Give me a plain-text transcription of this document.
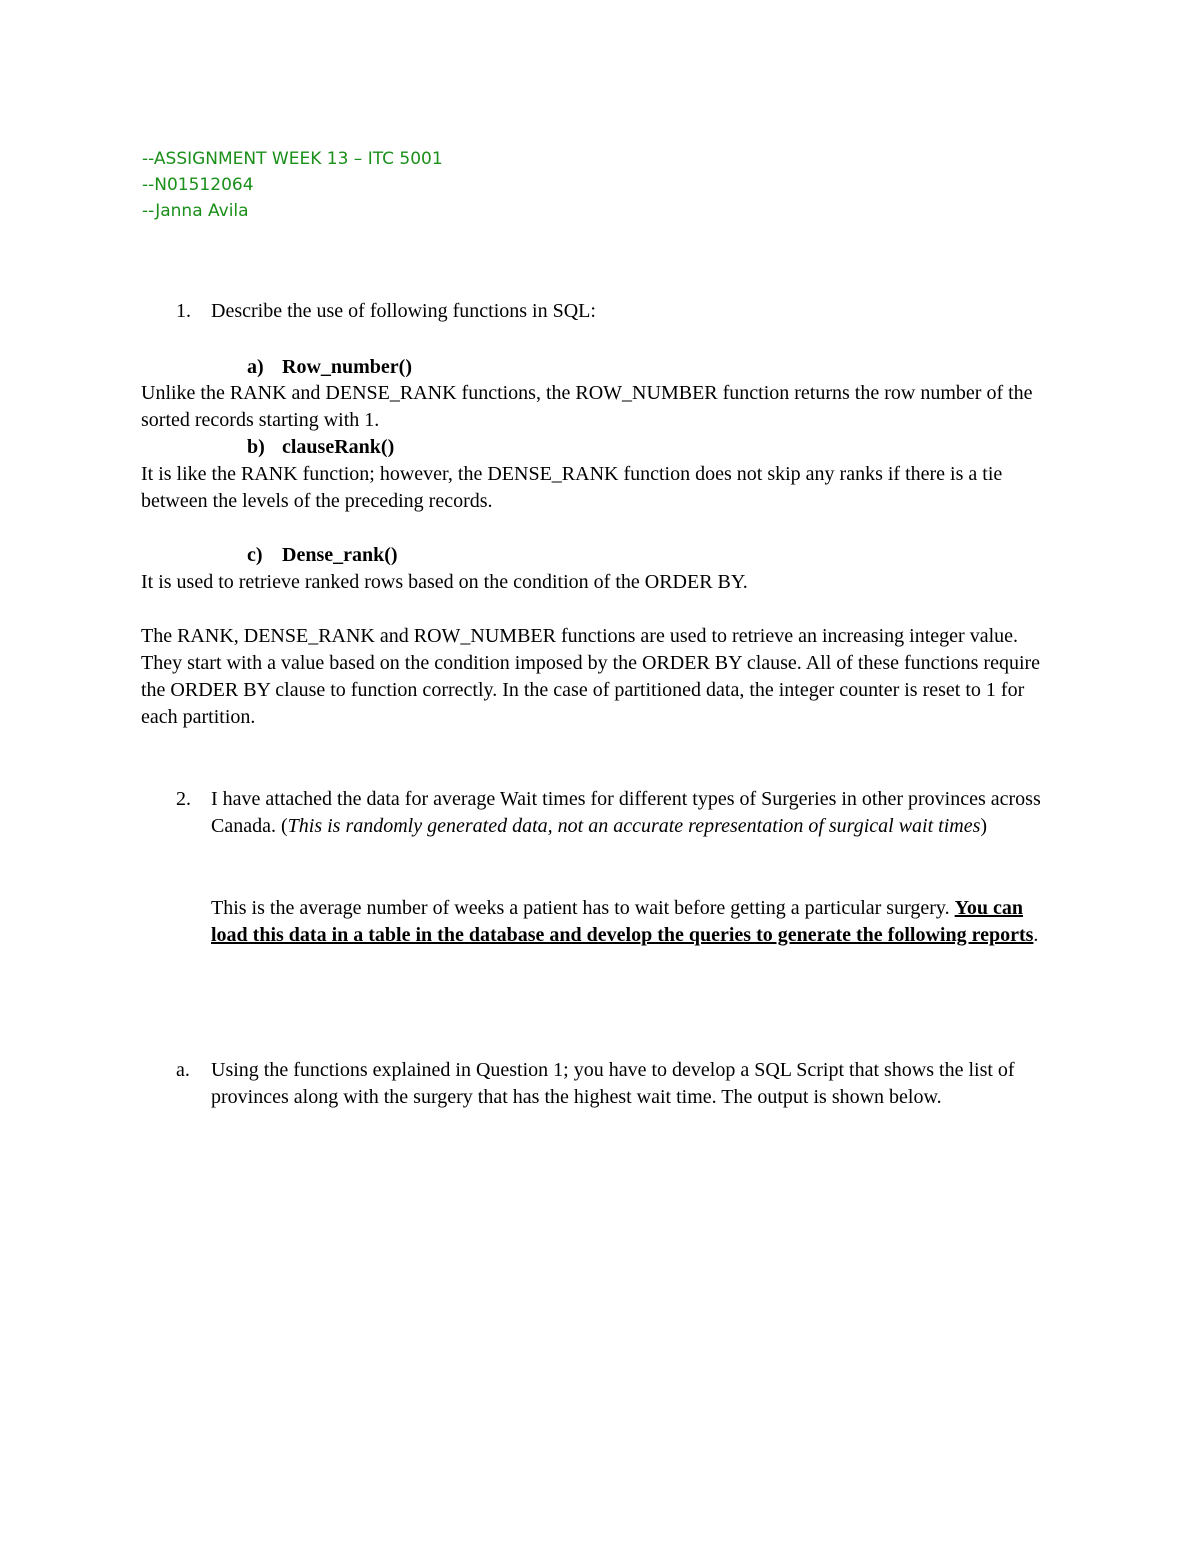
--ASSIGNMENT WEEK 13 – ITC 5001
--N01512064
--Janna Avila
1. Describe the use of following functions in SQL:
a) Row_number()
Unlike the RANK and DENSE_RANK functions, the ROW_NUMBER function returns the row number of the sorted records starting with 1.
b) clauseRank()
It is like the RANK function; however, the DENSE_RANK function does not skip any ranks if there is a tie between the levels of the preceding records.
c) Dense_rank()
It is used to retrieve ranked rows based on the condition of the ORDER BY.
The RANK, DENSE_RANK and ROW_NUMBER functions are used to retrieve an increasing integer value. They start with a value based on the condition imposed by the ORDER BY clause. All of these functions require the ORDER BY clause to function correctly. In the case of partitioned data, the integer counter is reset to 1 for each partition.
2. I have attached the data for average Wait times for different types of Surgeries in other provinces across Canada. (This is randomly generated data, not an accurate representation of surgical wait times)
This is the average number of weeks a patient has to wait before getting a particular surgery. You can load this data in a table in the database and develop the queries to generate the following reports.
a. Using the functions explained in Question 1; you have to develop a SQL Script that shows the list of provinces along with the surgery that has the highest wait time. The output is shown below.
